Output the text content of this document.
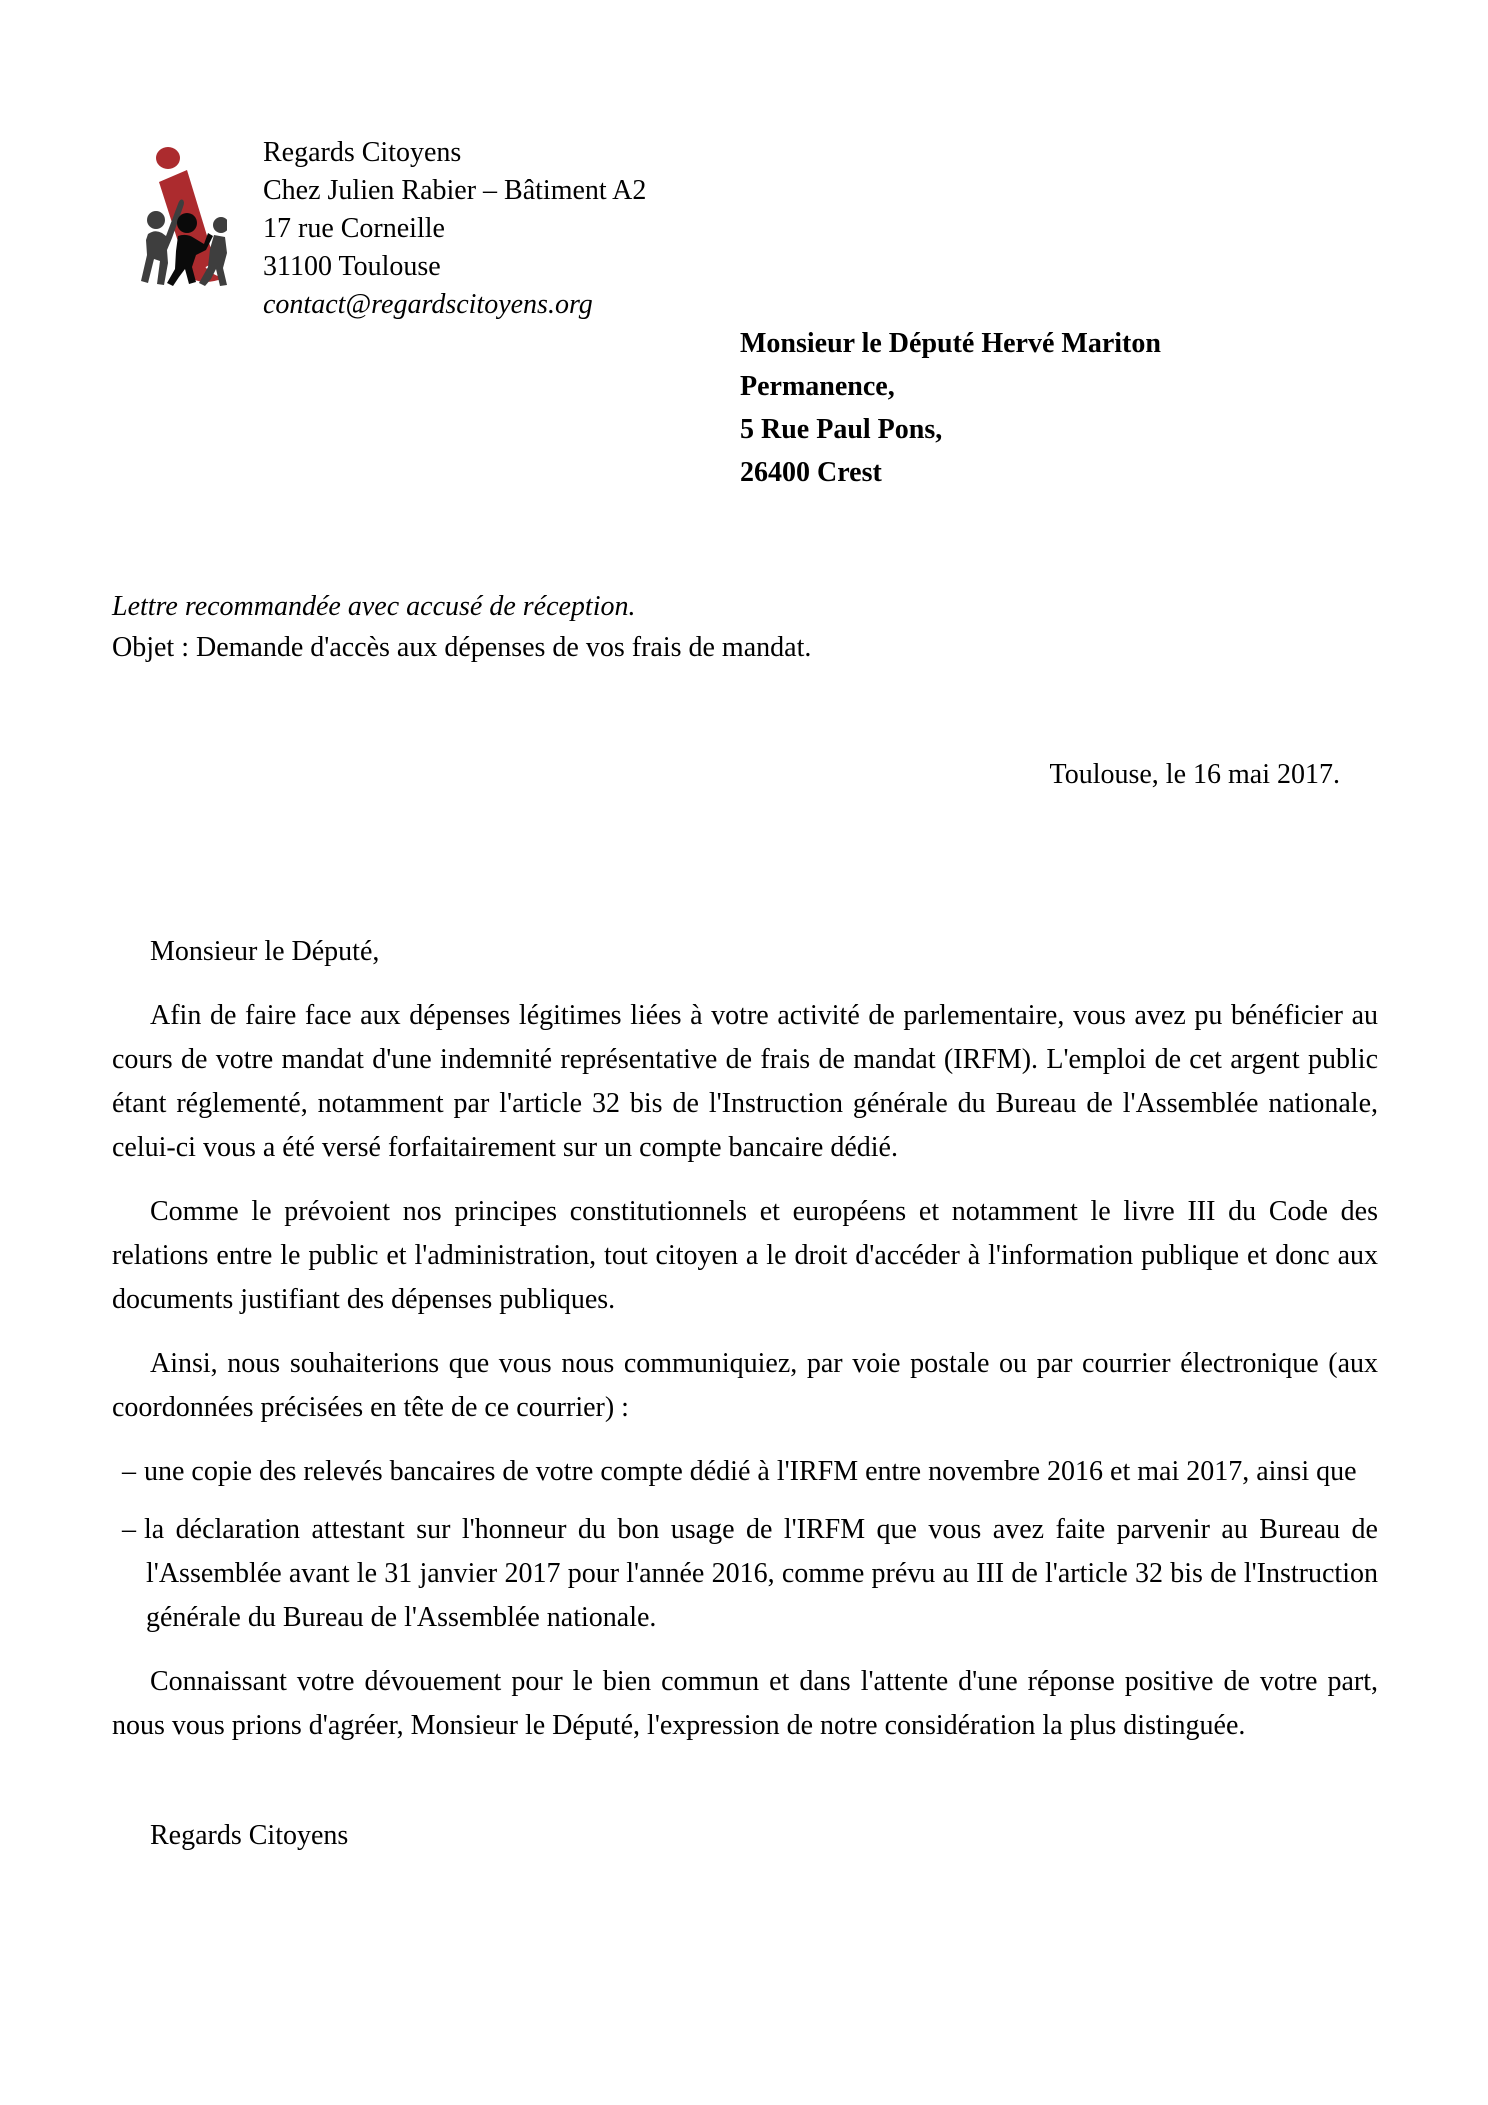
Regards Citoyens
Chez Julien Rabier – Bâtiment A2
17 rue Corneille
31100 Toulouse
contact@regardscitoyens.org
Monsieur le Député Hervé Mariton
Permanence,
5 Rue Paul Pons,
26400 Crest
Lettre recommandée avec accusé de réception.
Objet : Demande d'accès aux dépenses de vos frais de mandat.
Toulouse, le 16 mai 2017.

Monsieur le Député,

Afin de faire face aux dépenses légitimes liées à votre activité de parlementaire, vous avez pu bénéficier au cours de votre mandat d'une indemnité représentative de frais de mandat (IRFM). L'emploi de cet argent public étant réglementé, notamment par l'article 32 bis de l'Instruction générale du Bureau de l'Assemblée nationale, celui-ci vous a été versé forfaitairement sur un compte bancaire dédié.

Comme le prévoient nos principes constitutionnels et européens et notamment le livre III du Code des relations entre le public et l'administration, tout citoyen a le droit d'accéder à l'information publique et donc aux documents justifiant des dépenses publiques.

Ainsi, nous souhaiterions que vous nous communiquiez, par voie postale ou par courrier électronique (aux coordonnées précisées en tête de ce courrier) :

– une copie des relevés bancaires de votre compte dédié à l'IRFM entre novembre 2016 et mai 2017, ainsi que
– la déclaration attestant sur l'honneur du bon usage de l'IRFM que vous avez faite parvenir au Bureau de l'Assemblée avant le 31 janvier 2017 pour l'année 2016, comme prévu au III de l'article 32 bis de l'Instruction générale du Bureau de l'Assemblée nationale.

Connaissant votre dévouement pour le bien commun et dans l'attente d'une réponse positive de votre part, nous vous prions d'agréer, Monsieur le Député, l'expression de notre considération la plus distinguée.

Regards Citoyens
